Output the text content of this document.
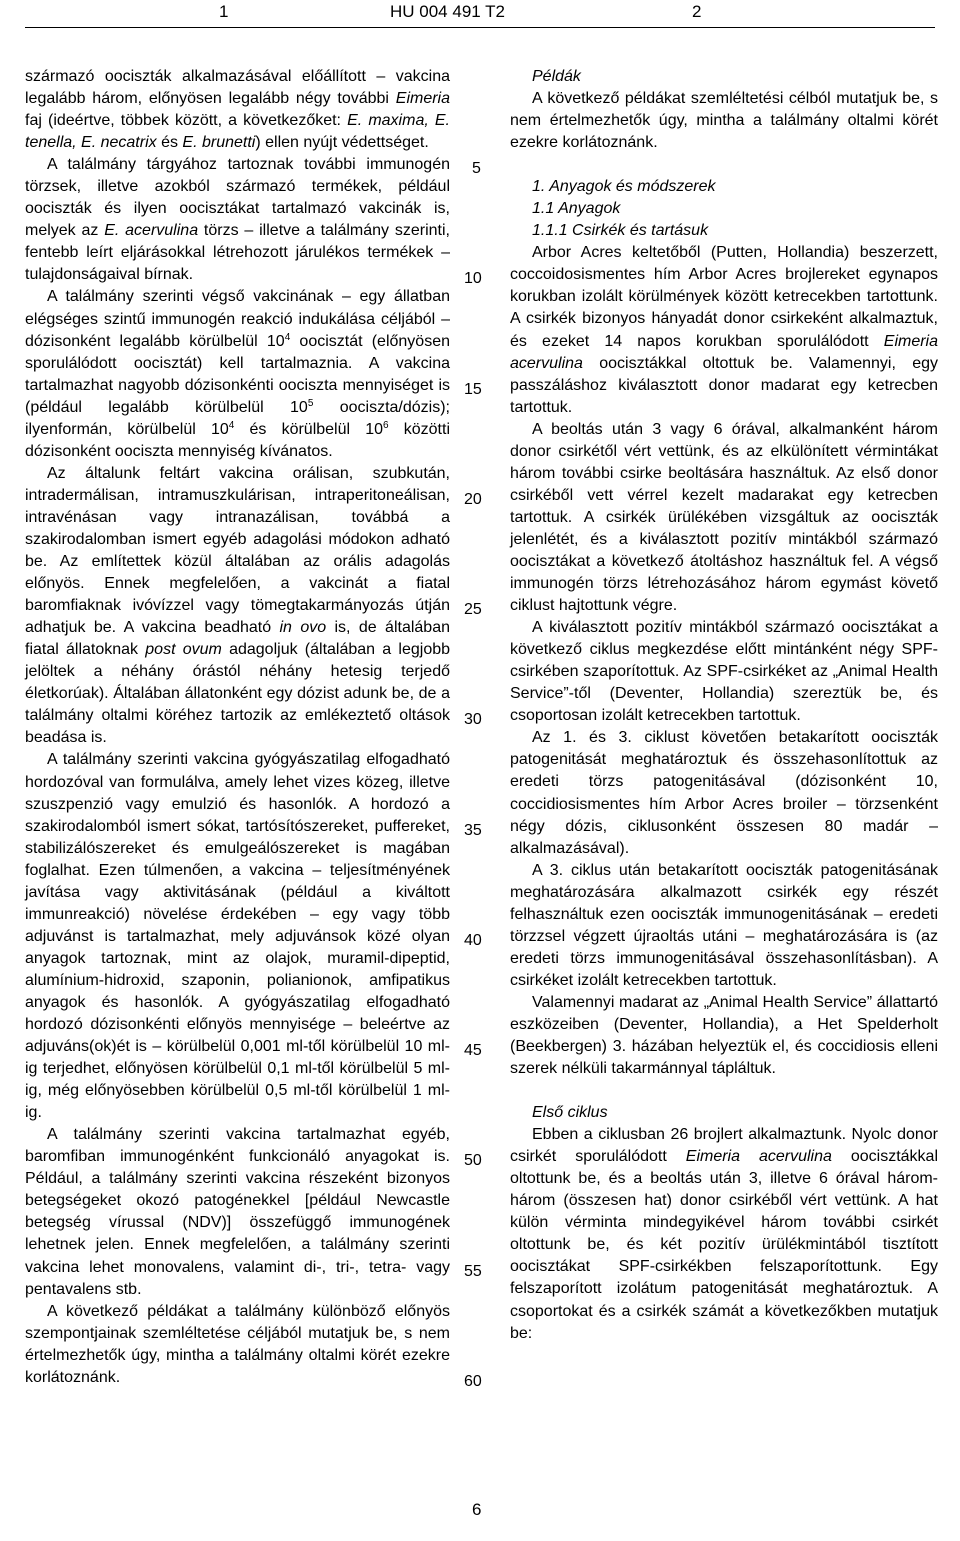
1	HU 004 491 T2	2

származó oociszták alkalmazásával előállított – vakcina legalább három, előnyösen legalább négy további Eimeria faj (ideértve, többek között, a következőket: E. maxima, E. tenella, E. necatrix és E. brunetti) ellen nyújt védettséget.

A találmány tárgyához tartoznak további immunogén törzsek, illetve azokból származó termékek, például oociszták és ilyen oocisztákat tartalmazó vakcinák is, melyek az E. acervulina törzs – illetve a találmány szerinti, fentebb leírt eljárásokkal létrehozott járulékos termékek – tulajdonságaival bírnak.

A találmány szerinti végső vakcinának – egy állatban elégséges szintű immunogén reakció indukálása céljából – dózisonként legalább körülbelül $10^4$ oocisztát (előnyösen sporulálódott oocisztát) kell tartalmaznia. A vakcina tartalmazhat nagyobb dózisonkénti oociszta mennyiséget is (például legalább körülbelül $10^5$ oociszta/dózis); ilyenformán, körülbelül $10^4$ és körülbelül $10^6$ közötti dózisonként oociszta mennyiség kívánatos.

Az általunk feltárt vakcina orálisan, szubkután, intradermálisan, intramuszkulárisan, intraperitoneálisan, intravénásan vagy intranazálisan, továbbá a szakirodalomban ismert egyéb adagolási módokon adható be. Az említettek közül általában az orális adagolás előnyös. Ennek megfelelően, a vakcinát a fiatal baromfiaknak ivóvízzel vagy tömegtakarmányozás útján adhatjuk be. A vakcina beadható in ovo is, de általában fiatal állatoknak post ovum adagoljuk (általában a legjobb jelöltek a néhány órástól néhány hetesig terjedő életkorúak). Általában állatonként egy dózist adunk be, de a találmány oltalmi köréhez tartozik az emlékeztető oltások beadása is.

A találmány szerinti vakcina gyógyászatilag elfogadható hordozóval van formulálva, amely lehet vizes közeg, illetve szuszpenzió vagy emulzió és hasonlók. A hordozó a szakirodalomból ismert sókat, tartósítószereket, puffereket, stabilizálószereket és emulgeálószereket is magában foglalhat. Ezen túlmenően, a vakcina – teljesítményének javítása vagy aktivitásának (például a kiváltott immunreakció) növelése érdekében – egy vagy több adjuvánst is tartalmazhat, mely adjuvánsok közé olyan anyagok tartoznak, mint az olajok, muramil-dipeptid, alumínium-hidroxid, szaponin, polianionok, amfipatikus anyagok és hasonlók. A gyógyászatilag elfogadható hordozó dózisonkénti előnyös mennyisége – beleértve az adjuváns(ok)ét is – körülbelül 0,001 ml-től körülbelül 10 ml-ig terjedhet, előnyösen körülbelül 0,1 ml-től körülbelül 5 ml-ig, még előnyösebben körülbelül 0,5 ml-től körülbelül 1 ml-ig.

A találmány szerinti vakcina tartalmazhat egyéb, baromfiban immunogénként funkcionáló anyagokat is. Például, a találmány szerinti vakcina részeként bizonyos betegségeket okozó patogénekkel [például Newcastle betegség vírussal (NDV)] összefüggő immunogének lehetnek jelen. Ennek megfelelően, a találmány szerinti vakcina lehet monovalens, valamint di-, tri-, tetra- vagy pentavalens stb.

A következő példákat a találmány különböző előnyös szempontjainak szemléltetése céljából mutatjuk be, s nem értelmezhetők úgy, mintha a találmány oltalmi körét ezekre korlátoznánk.

5
10
15
20
25
30
35
40
45
50
55
60

Példák

A következő példákat szemléltetési célból mutatjuk be, s nem értelmezhetők úgy, mintha a találmány oltalmi körét ezekre korlátoznánk.

1. Anyagok és módszerek

1.1 Anyagok

1.1.1 Csirkék és tartásuk

Arbor Acres keltetőből (Putten, Hollandia) beszerzett, coccoidosismentes hím Arbor Acres brojlereket egynapos korukban izolált körülmények között ketrecekben tartottunk. A csirkék bizonyos hányadát donor csirkeként alkalmaztuk, és ezeket 14 napos korukban sporulálódott Eimeria acervulina oocisztákkal oltottuk be. Valamennyi, egy passzáláshoz kiválasztott donor madarat egy ketrecben tartottuk.

A beoltás után 3 vagy 6 órával, alkalmanként három donor csirkétől vért vettünk, és az elkülönített vérmintákat három további csirke beoltására használtuk. Az első donor csirkéből vett vérrel kezelt madarakat egy ketrecben tartottuk. A csirkék ürülékében vizsgáltuk az oociszták jelenlétét, és a kiválasztott pozitív mintákból származó oocisztákat a következő átoltáshoz használtuk fel. A végső immunogén törzs létrehozásához három egymást követő ciklust hajtottunk végre.

A kiválasztott pozitív mintákból származó oocisztákat a következő ciklus megkezdése előtt mintánként négy SPF-csirkében szaporítottuk. Az SPF-csirkéket az „Animal Health Service”-től (Deventer, Hollandia) szereztük be, és csoportosan izolált ketrecekben tartottuk.

Az 1. és 3. ciklust követően betakarított oociszták patogenitását meghatároztuk és összehasonlítottuk az eredeti törzs patogenitásával (dózisonként 10, coccidiosismentes hím Arbor Acres broiler – törzsenként négy dózis, ciklusonként összesen 80 madár – alkalmazásával).

A 3. ciklus után betakarított oociszták patogenitásának meghatározására alkalmazott csirkék egy részét felhasználtuk ezen oociszták immunogenitásának – eredeti törzzsel végzett újraoltás utáni – meghatározására is (az eredeti törzs immunogenitásával összehasonlításban). A csirkéket izolált ketrecekben tartottuk.

Valamennyi madarat az „Animal Health Service” állattartó eszközeiben (Deventer, Hollandia), a Het Spelderholt (Beekbergen) 3. házában helyeztük el, és coccidiosis elleni szerek nélküli takarmánnyal tápláltuk.

Első ciklus

Ebben a ciklusban 26 brojlert alkalmaztunk. Nyolc donor csirkét sporulálódott Eimeria acervulina oocisztákkal oltottunk be, és a beoltás után 3, illetve 6 órával három-három (összesen hat) donor csirkéből vért vettünk. A hat külön vérminta mindegyikével három további csirkét oltottunk be, és két pozitív ürülékmintából tisztított oocisztákat SPF-csirkékben felszaporítottunk. Egy felszaporított izolátum patogenitását meghatároztuk. A csoportokat és a csirkék számát a következőkben mutatjuk be:

6
